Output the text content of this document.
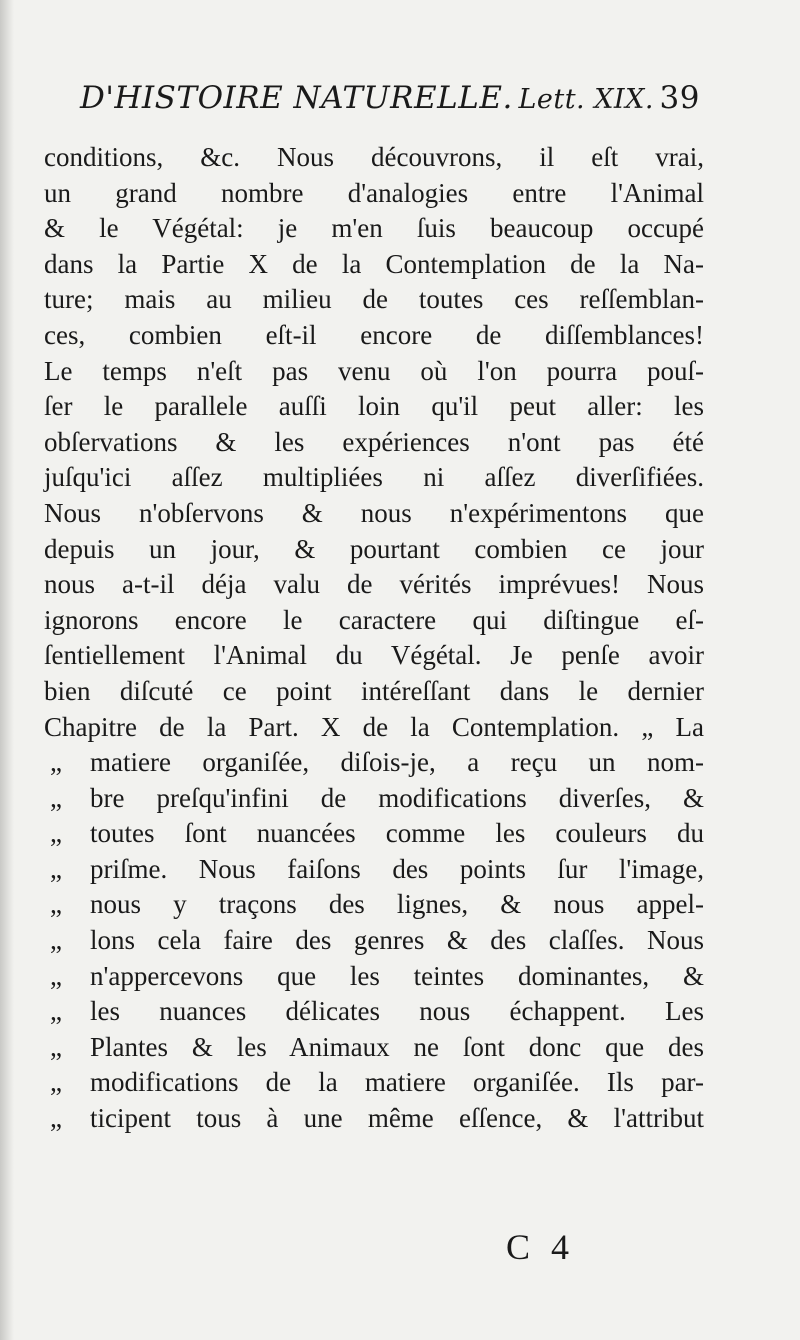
D'HISTOIRE NATURELLE. Lett. XIX. 39
conditions, &c. Nous découvrons, il eſt vrai,
un grand nombre d'analogies entre l'Animal
& le Végétal: je m'en ſuis beaucoup occupé
dans la Partie X de la Contemplation de la Na-
ture; mais au milieu de toutes ces reſſemblan-
ces, combien eſt-il encore de diſſemblances!
Le temps n'eſt pas venu où l'on pourra pouſ-
ſer le parallele auſſi loin qu'il peut aller: les
obſervations & les expériences n'ont pas été
juſqu'ici aſſez multipliées ni aſſez diverſifiées.
Nous n'obſervons & nous n'expérimentons que
depuis un jour, & pourtant combien ce jour
nous a-t-il déja valu de vérités imprévues! Nous
ignorons encore le caractere qui diſtingue eſ-
ſentiellement l'Animal du Végétal. Je penſe avoir
bien diſcuté ce point intéreſſant dans le dernier
Chapitre de la Part. X de la Contemplation. „ La
„ matiere organiſée, diſois-je, a reçu un nom-
„ bre preſqu'infini de modifications diverſes, &
„ toutes ſont nuancées comme les couleurs du
„ priſme. Nous faiſons des points ſur l'image,
„ nous y traçons des lignes, & nous appel-
„ lons cela faire des genres & des claſſes. Nous
„ n'appercevons que les teintes dominantes, &
„ les nuances délicates nous échappent. Les
„ Plantes & les Animaux ne ſont donc que des
„ modifications de la matiere organiſée. Ils par-
„ ticipent tous à une même eſſence, & l'attribut
C 4
